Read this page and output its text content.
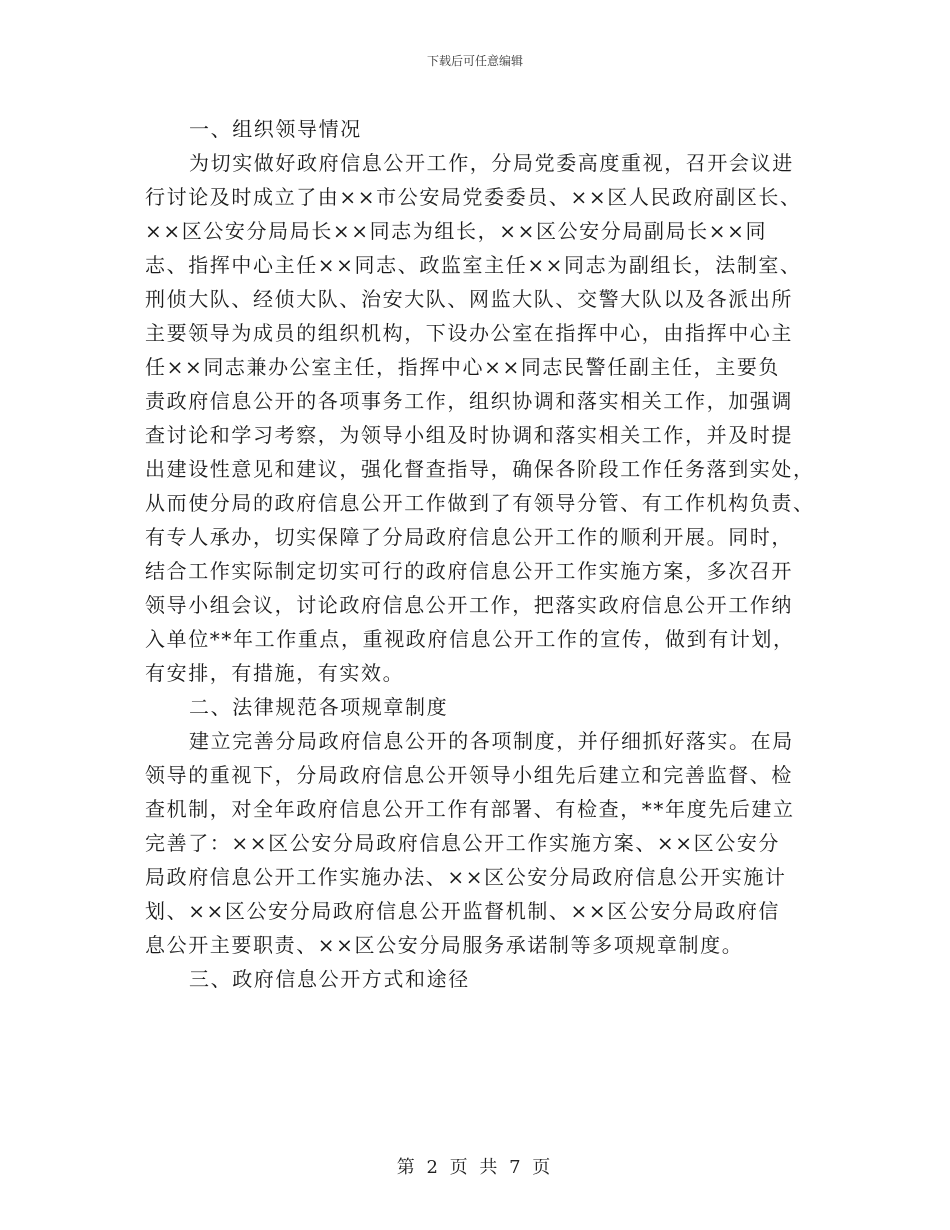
下载后可任意编辑
一、组织领导情况
为切实做好政府信息公开工作，分局党委高度重视，召开会议进
行讨论及时成立了由××市公安局党委委员、××区人民政府副区长、
××区公安分局局长××同志为组长，××区公安分局副局长××同
志、指挥中心主任××同志、政监室主任××同志为副组长，法制室、
刑侦大队、经侦大队、治安大队、网监大队、交警大队以及各派出所
主要领导为成员的组织机构，下设办公室在指挥中心，由指挥中心主
任××同志兼办公室主任，指挥中心××同志民警任副主任，主要负
责政府信息公开的各项事务工作，组织协调和落实相关工作，加强调
查讨论和学习考察，为领导小组及时协调和落实相关工作，并及时提
出建设性意见和建议，强化督查指导，确保各阶段工作任务落到实处，
从而使分局的政府信息公开工作做到了有领导分管、有工作机构负责、
有专人承办，切实保障了分局政府信息公开工作的顺利开展。同时，
结合工作实际制定切实可行的政府信息公开工作实施方案，多次召开
领导小组会议，讨论政府信息公开工作，把落实政府信息公开工作纳
入单位**年工作重点，重视政府信息公开工作的宣传，做到有计划，
有安排，有措施，有实效。
二、法律规范各项规章制度
建立完善分局政府信息公开的各项制度，并仔细抓好落实。在局
领导的重视下，分局政府信息公开领导小组先后建立和完善监督、检
查机制，对全年政府信息公开工作有部署、有检查，**年度先后建立
完善了：××区公安分局政府信息公开工作实施方案、××区公安分
局政府信息公开工作实施办法、××区公安分局政府信息公开实施计
划、××区公安分局政府信息公开监督机制、××区公安分局政府信
息公开主要职责、××区公安分局服务承诺制等多项规章制度。
三、政府信息公开方式和途径
第 2 页 共 7 页
